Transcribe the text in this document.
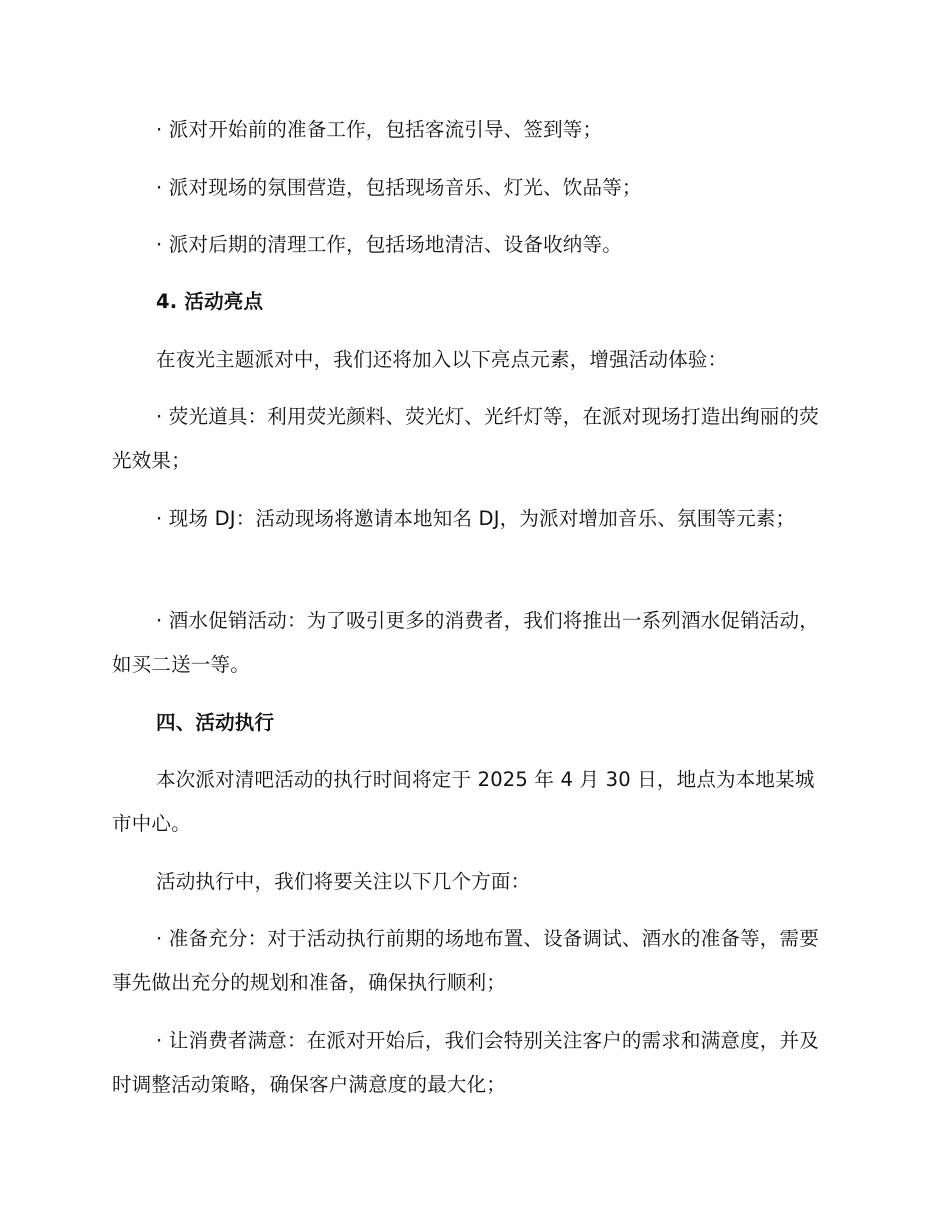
· 派对开始前的准备工作，包括客流引导、签到等；

· 派对现场的氛围营造，包括现场音乐、灯光、饮品等；

· 派对后期的清理工作，包括场地清洁、设备收纳等。

4. 活动亮点

在夜光主题派对中，我们还将加入以下亮点元素，增强活动体验：

· 荧光道具：利用荧光颜料、荧光灯、光纤灯等，在派对现场打造出绚丽的荧光效果；

· 现场 DJ：活动现场将邀请本地知名 DJ，为派对增加音乐、氛围等元素；

· 酒水促销活动：为了吸引更多的消费者，我们将推出一系列酒水促销活动，如买二送一等。

四、活动执行

本次派对清吧活动的执行时间将定于 2025 年 4 月 30 日，地点为本地某城市中心。

活动执行中，我们将要关注以下几个方面：

· 准备充分：对于活动执行前期的场地布置、设备调试、酒水的准备等，需要事先做出充分的规划和准备，确保执行顺利；

· 让消费者满意：在派对开始后，我们会特别关注客户的需求和满意度，并及时调整活动策略，确保客户满意度的最大化；
